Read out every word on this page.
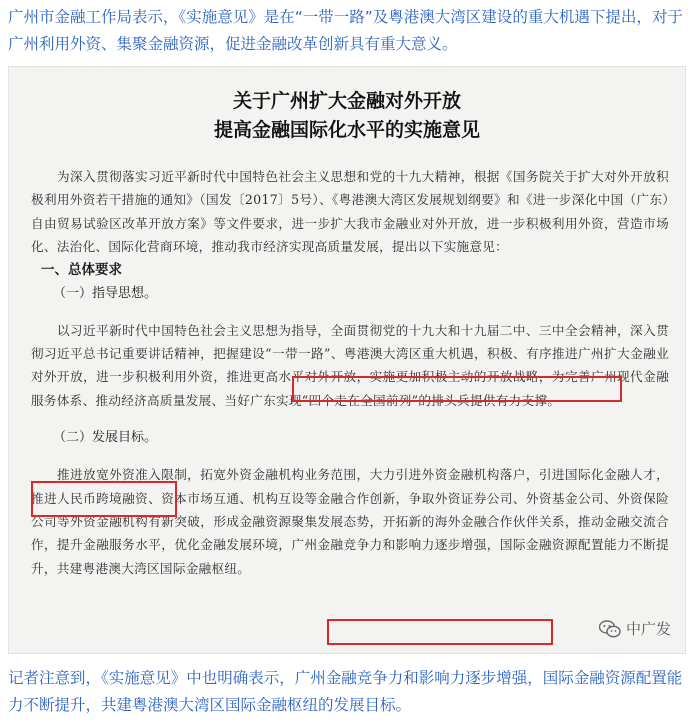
广州市金融工作局表示，《实施意见》是在“一带一路”及粤港澳大湾区建设的重大机遇下提出，对于广州利用外资、集聚金融资源，促进金融改革创新具有重大意义。
关于广州扩大金融对外开放
提高金融国际化水平的实施意见
为深入贯彻落实习近平新时代中国特色社会主义思想和党的十九大精神，根据《国务院关于扩大对外开放积极利用外资若干措施的通知》（国发〔2017〕5号）、《粤港澳大湾区发展规划纲要》和《进一步深化中国（广东）自由贸易试验区改革开放方案》等文件要求，进一步扩大我市金融业对外开放，进一步积极利用外资，营造市场化、法治化、国际化营商环境，推动我市经济实现高质量发展，提出以下实施意见：
一、总体要求
（一）指导思想。
以习近平新时代中国特色社会主义思想为指导，全面贯彻党的十九大和十九届二中、三中全会精神，深入贯彻习近平总书记重要讲话精神，把握建设“一带一路”、粤港澳大湾区重大机遇，积极、有序推进广州扩大金融业对外开放，进一步积极利用外资，推进更高水平对外开放，实施更加积极主动的开放战略，为完善广州现代金融服务体系、推动经济高质量发展、当好广东实现“四个走在全国前列”的排头兵提供有力支撑。
（二）发展目标。
推进放宽外资准入限制，拓宽外资金融机构业务范围，大力引进外资金融机构落户，引进国际化金融人才，推进人民币跨境融资、资本市场互通、机构互设等金融合作创新，争取外资证券公司、外资基金公司、外资保险公司等外资金融机构有新突破，形成金融资源聚集发展态势，开拓新的海外金融合作伙伴关系，推动金融交流合作，提升金融服务水平，优化金融发展环境，广州金融竞争力和影响力逐步增强，国际金融资源配置能力不断提升，共建粤港澳大湾区国际金融枢纽。
中广发
记者注意到，《实施意见》中也明确表示，广州金融竞争力和影响力逐步增强，国际金融资源配置能力不断提升，共建粤港澳大湾区国际金融枢纽的发展目标。
